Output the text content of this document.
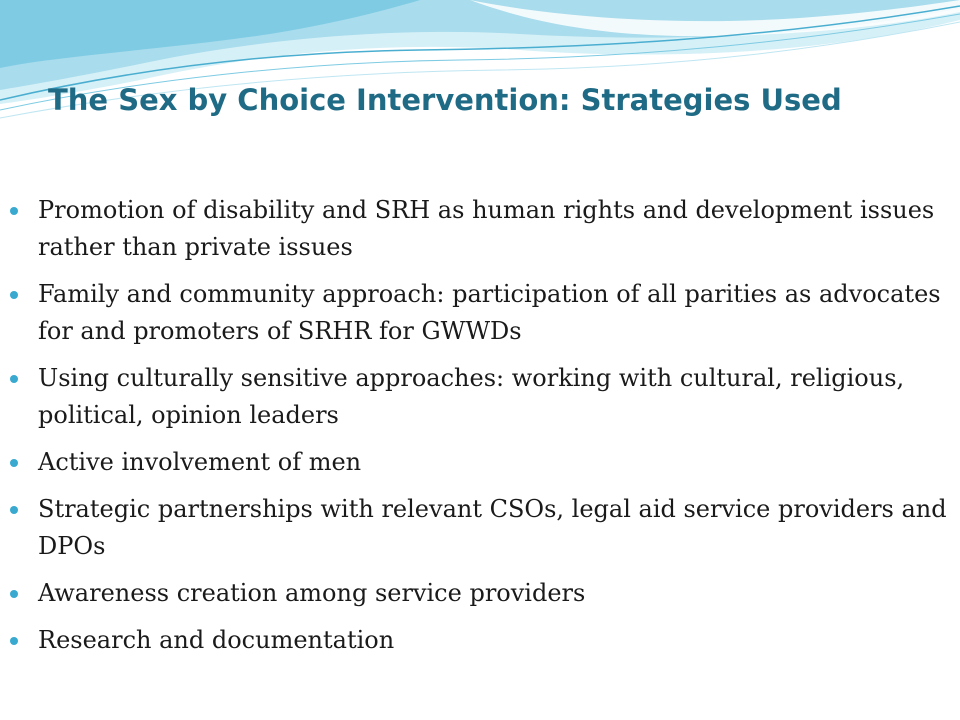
The Sex by Choice Intervention: Strategies Used
Promotion of disability and SRH as human rights and development issues rather than private issues
Family and community approach: participation of all parities as advocates for and promoters of SRHR for GWWDs
Using culturally sensitive approaches: working with cultural, religious, political, opinion leaders
Active involvement of men
Strategic partnerships with relevant CSOs, legal aid service providers and DPOs
Awareness creation among service providers
Research and documentation
